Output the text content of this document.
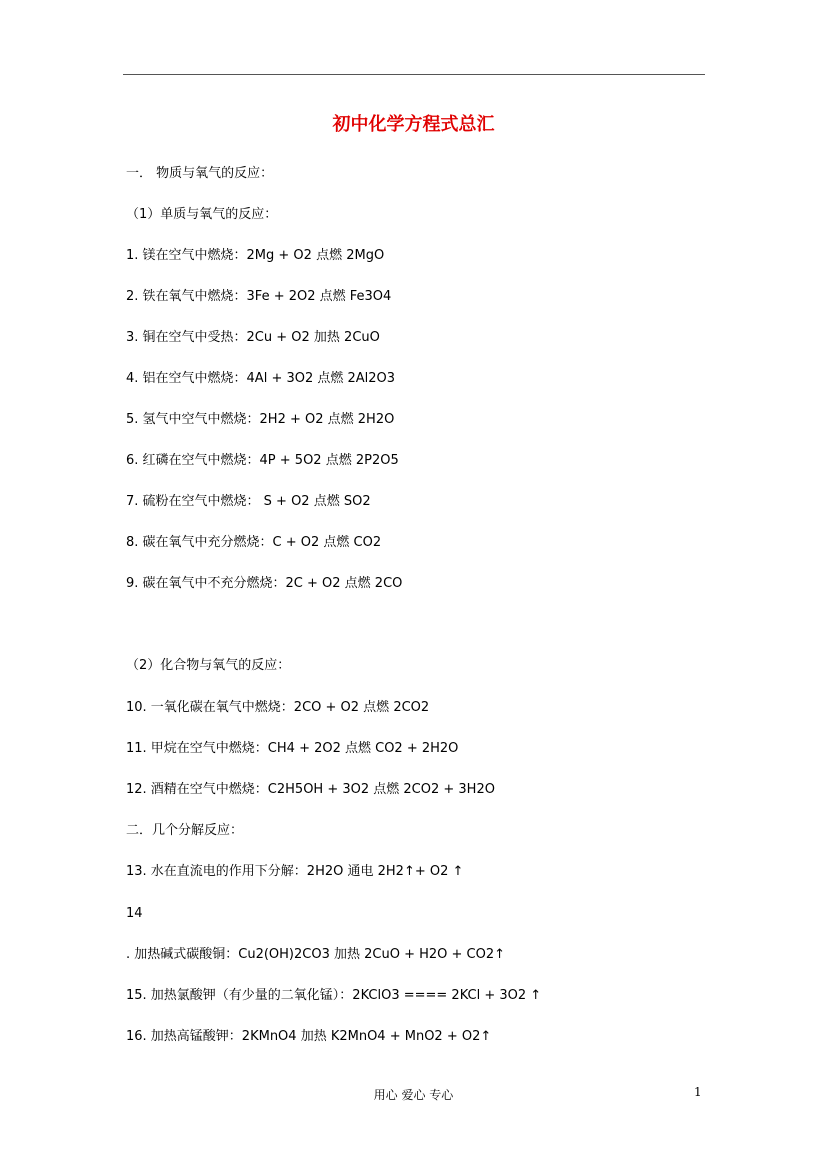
初中化学方程式总汇
一． 物质与氧气的反应：
（1）单质与氧气的反应：
1. 镁在空气中燃烧：2Mg + O2 点燃 2MgO
2. 铁在氧气中燃烧：3Fe + 2O2 点燃 Fe3O4
3. 铜在空气中受热：2Cu + O2 加热 2CuO
4. 铝在空气中燃烧：4Al + 3O2 点燃 2Al2O3
5. 氢气中空气中燃烧：2H2 + O2 点燃 2H2O
6. 红磷在空气中燃烧：4P + 5O2 点燃 2P2O5
7. 硫粉在空气中燃烧： S + O2 点燃 SO2
8. 碳在氧气中充分燃烧：C + O2 点燃 CO2
9. 碳在氧气中不充分燃烧：2C + O2 点燃 2CO
（2）化合物与氧气的反应：
10. 一氧化碳在氧气中燃烧：2CO + O2 点燃 2CO2
11. 甲烷在空气中燃烧：CH4 + 2O2 点燃 CO2 + 2H2O
12. 酒精在空气中燃烧：C2H5OH + 3O2 点燃 2CO2 + 3H2O
二．几个分解反应：
13. 水在直流电的作用下分解：2H2O 通电 2H2↑+ O2 ↑
14
. 加热碱式碳酸铜：Cu2(OH)2CO3 加热 2CuO + H2O + CO2↑
15. 加热氯酸钾（有少量的二氧化锰）：2KClO3 ==== 2KCl + 3O2 ↑
16. 加热高锰酸钾：2KMnO4 加热 K2MnO4 + MnO2 + O2↑
用心 爱心 专心	1
